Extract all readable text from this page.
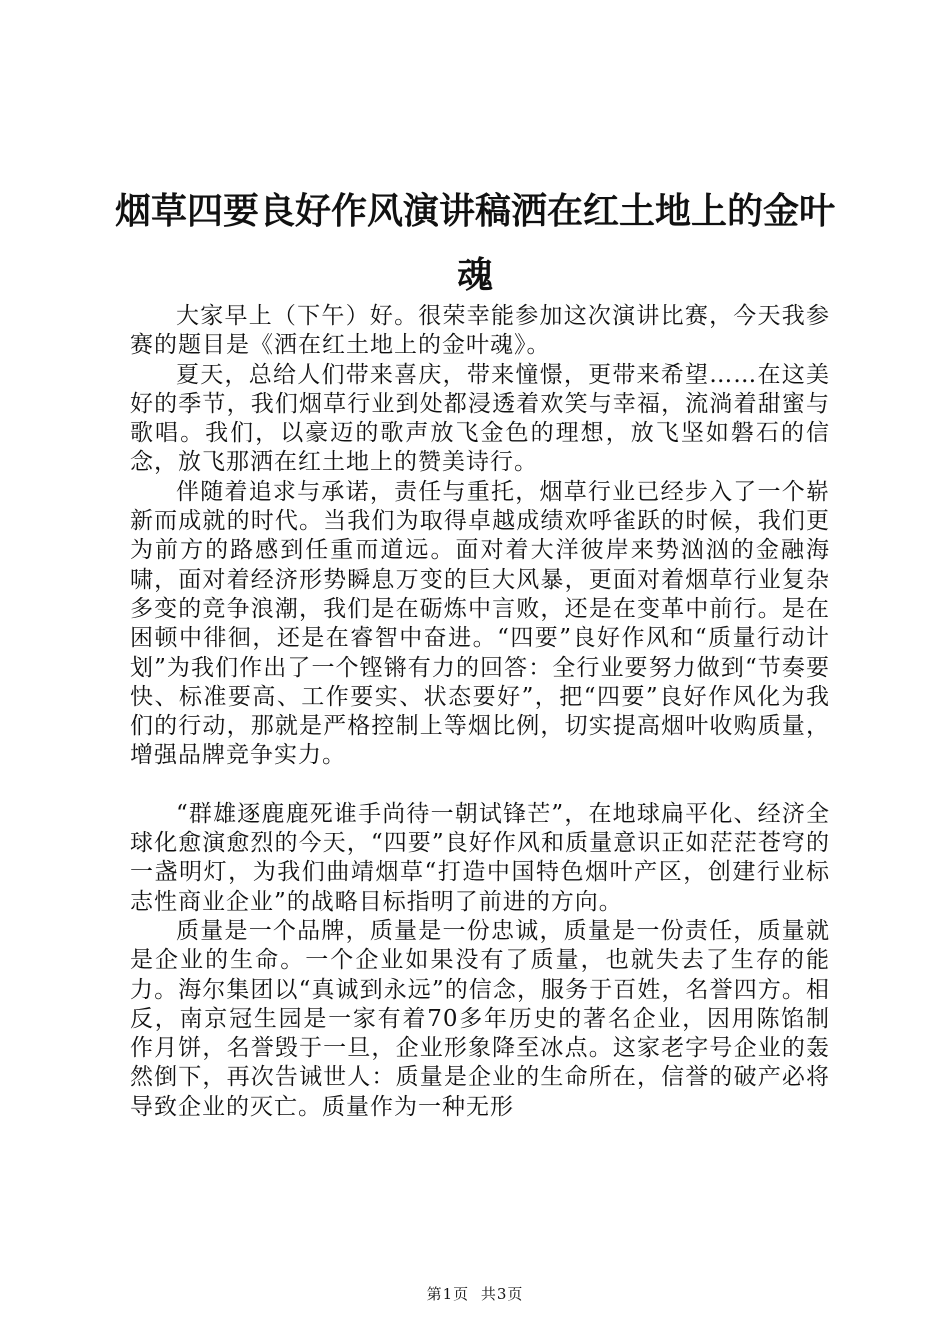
烟草四要良好作风演讲稿洒在红土地上的金叶魂

大家早上（下午）好。很荣幸能参加这次演讲比赛，今天我参赛的题目是《洒在红土地上的金叶魂》。

夏天，总给人们带来喜庆，带来憧憬，更带来希望……在这美好的季节，我们烟草行业到处都浸透着欢笑与幸福，流淌着甜蜜与歌唱。我们，以豪迈的歌声放飞金色的理想，放飞坚如磐石的信念，放飞那洒在红土地上的赞美诗行。

伴随着追求与承诺，责任与重托，烟草行业已经步入了一个崭新而成就的时代。当我们为取得卓越成绩欢呼雀跃的时候，我们更为前方的路感到任重而道远。面对着大洋彼岸来势汹汹的金融海啸，面对着经济形势瞬息万变的巨大风暴，更面对着烟草行业复杂多变的竞争浪潮，我们是在砺炼中言败，还是在变革中前行。是在困顿中徘徊，还是在睿智中奋进。“四要”良好作风和“质量行动计划”为我们作出了一个铿锵有力的回答：全行业要努力做到“节奏要快、标准要高、工作要实、状态要好”，把“四要”良好作风化为我们的行动，那就是严格控制上等烟比例，切实提高烟叶收购质量，增强品牌竞争实力。

“群雄逐鹿鹿死谁手尚待一朝试锋芒”，在地球扁平化、经济全球化愈演愈烈的今天，“四要”良好作风和质量意识正如茫茫苍穹的一盏明灯，为我们曲靖烟草“打造中国特色烟叶产区，创建行业标志性商业企业”的战略目标指明了前进的方向。

质量是一个品牌，质量是一份忠诚，质量是一份责任，质量就是企业的生命。一个企业如果没有了质量，也就失去了生存的能力。海尔集团以“真诚到永远”的信念，服务于百姓，名誉四方。相反，南京冠生园是一家有着70多年历史的著名企业，因用陈馅制作月饼，名誉毁于一旦，企业形象降至冰点。这家老字号企业的轰然倒下，再次告诫世人：质量是企业的生命所在，信誉的破产必将导致企业的灭亡。质量作为一种无形

第1页 共3页
